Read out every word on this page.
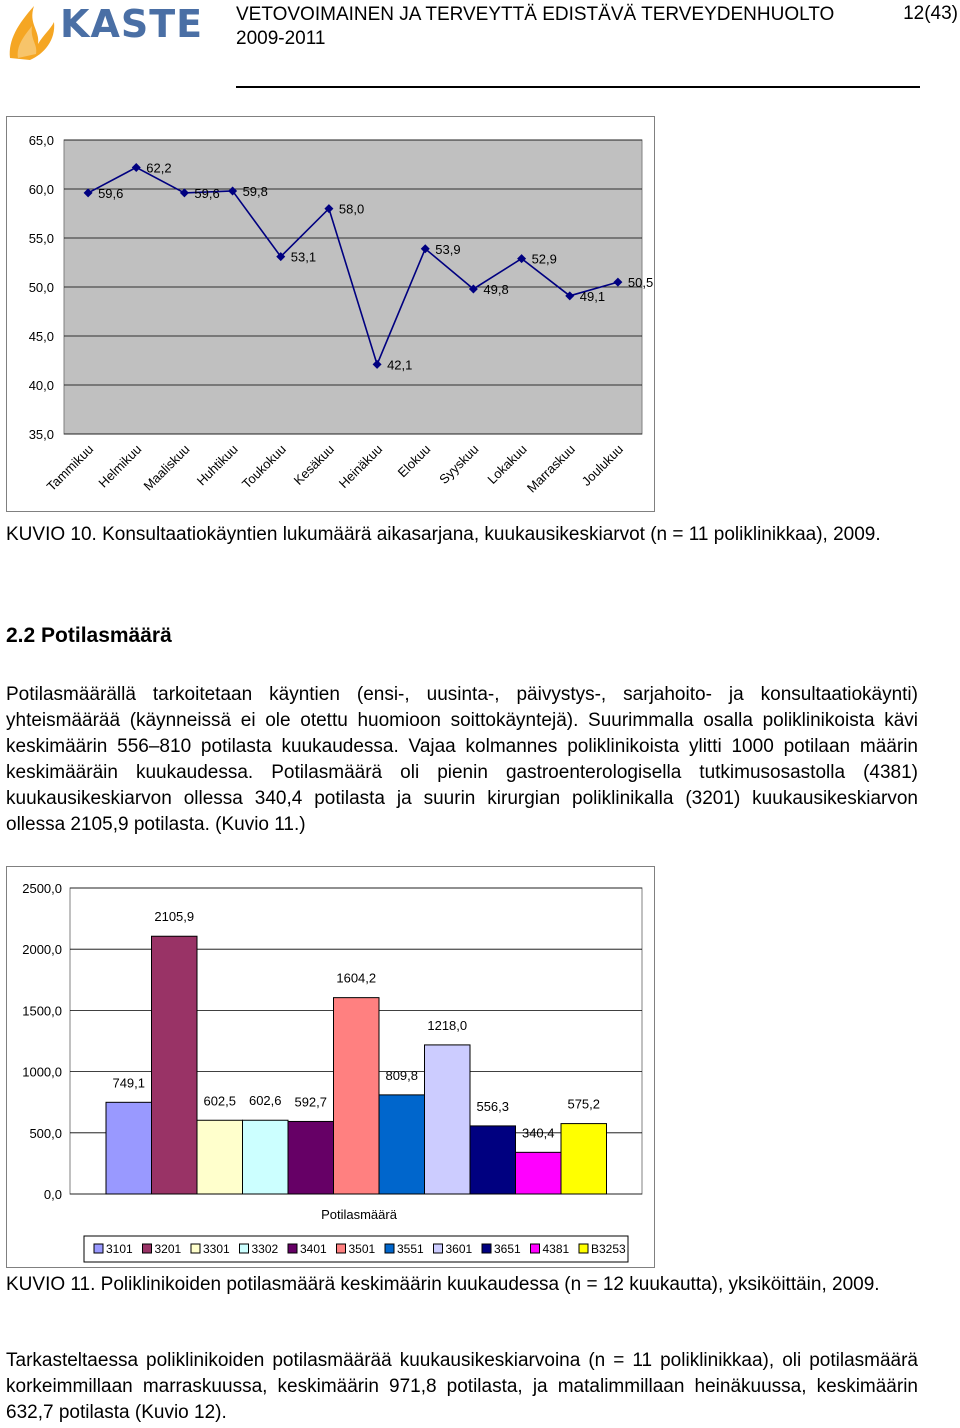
KASTE VETOVOIMAINEN JA TERVEYTTÄ EDISTÄVÄ TERVEYDENHUOLTO
2009-2011
12(43)
65,0
60,0
55,0
50,0
45,0
40,0
35,0
59,6
62,2
59,6 59,8
53,1
58,0
42,1
53,9
49,8
52,9
49,1
50,5
Tammikuu Helmikuu
Maaliskuu Huhtikuu
Toukokuu Kesäkuu
Heinäkuu Elokuu Syyskuu Lokakuu
Marraskuu Joulukuu
KUVIO 10. Konsultaatiokäyntien lukumäärä aikasarjana, kuukausikeskiarvot (n = 11 poliklinikkaa), 2009.
2.2 Potilasmäärä
Potilasmäärällä tarkoitetaan käyntien (ensi-, uusinta-, päivystys-, sarjahoito- ja konsultaatiokäynti) yhteismäärää (käynneissä ei ole otettu huomioon soittokäyntejä). Suurimmalla osalla poliklinikoista kävi keskimäärin 556–810 potilasta kuukaudessa. Vajaa kolmannes poliklinikoista ylitti 1000 potilaan määrin keskimääräin kuukaudessa. Potilasmäärä oli pienin gastroenterologisella tutkimusosastolla (4381) kuukausikeskiarvon ollessa 340,4 potilasta ja suurin kirurgian poliklinikalla (3201) kuukausikeskiarvon ollessa 2105,9 potilasta. (Kuvio 11.)
2500,0
2000,0
1500,0
1000,0
500,0
0,0
749,1
2105,9
602,5 602,6 592,7
1604,2
809,8
1218,0
556,3
340,4
575,2
Potilasmäärä
3101 3201 3301 3302 3401 3501 3551 3601 3651 4381 B3253
KUVIO 11. Poliklinikoiden potilasmäärä keskimäärin kuukaudessa (n = 12 kuukautta), yksiköittäin, 2009.
Tarkasteltaessa poliklinikoiden potilasmäärää kuukausikeskiarvoina (n = 11 poliklinikkaa), oli potilasmäärä korkeimmillaan marraskuussa, keskimäärin 971,8 potilasta, ja matalimmillaan heinäkuussa, keskimäärin 632,7 potilasta (Kuvio 12).
